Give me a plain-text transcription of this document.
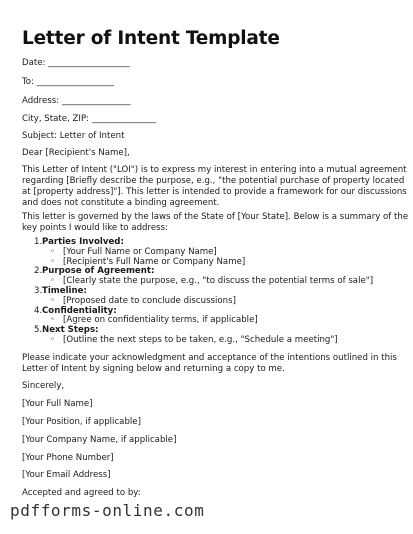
Letter of Intent Template
Date: ___________________
To: __________________
Address: ________________
City, State, ZIP: _______________
Subject: Letter of Intent
Dear [Recipient's Name],
This Letter of Intent ("LOI") is to express my interest in entering into a mutual agreement
regarding [Briefly describe the purpose, e.g., "the potential purchase of property located
at [property address]"]. This letter is intended to provide a framework for our discussions
and does not constitute a binding agreement.
This letter is governed by the laws of the State of [Your State]. Below is a summary of the
key points I would like to address:
1. Parties Involved:
◦ [Your Full Name or Company Name]
◦ [Recipient's Full Name or Company Name]
2. Purpose of Agreement:
◦ [Clearly state the purpose, e.g., "to discuss the potential terms of sale"]
3. Timeline:
◦ [Proposed date to conclude discussions]
4. Confidentiality:
◦ [Agree on confidentiality terms, if applicable]
5. Next Steps:
◦ [Outline the next steps to be taken, e.g., "Schedule a meeting"]
Please indicate your acknowledgment and acceptance of the intentions outlined in this
Letter of Intent by signing below and returning a copy to me.
Sincerely,
[Your Full Name]
[Your Position, if applicable]
[Your Company Name, if applicable]
[Your Phone Number]
[Your Email Address]
Accepted and agreed to by:
pdfforms-online.com
